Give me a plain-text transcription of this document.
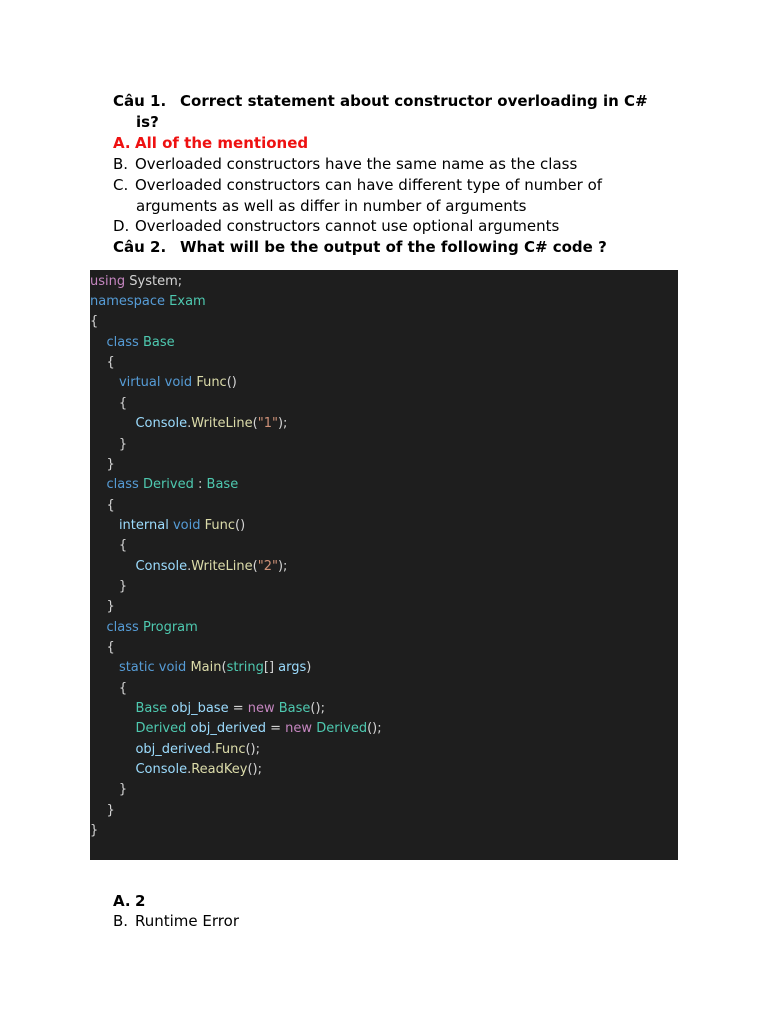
Câu 1. Correct statement about constructor overloading in C#
is?
A. All of the mentioned
B. Overloaded constructors have the same name as the class
C. Overloaded constructors can have different type of number of
arguments as well as differ in number of arguments
D. Overloaded constructors cannot use optional arguments
Câu 2. What will be the output of the following C# code ?
using System;
namespace Exam
{
class Base
{
virtual void Func()
{
Console.WriteLine("1");
}
}
class Derived : Base
{
internal void Func()
{
Console.WriteLine("2");
}
}
class Program
{
static void Main(string[] args)
{
Base obj_base = new Base();
Derived obj_derived = new Derived();
obj_derived.Func();
Console.ReadKey();
}
}
}
A. 2
B. Runtime Error
